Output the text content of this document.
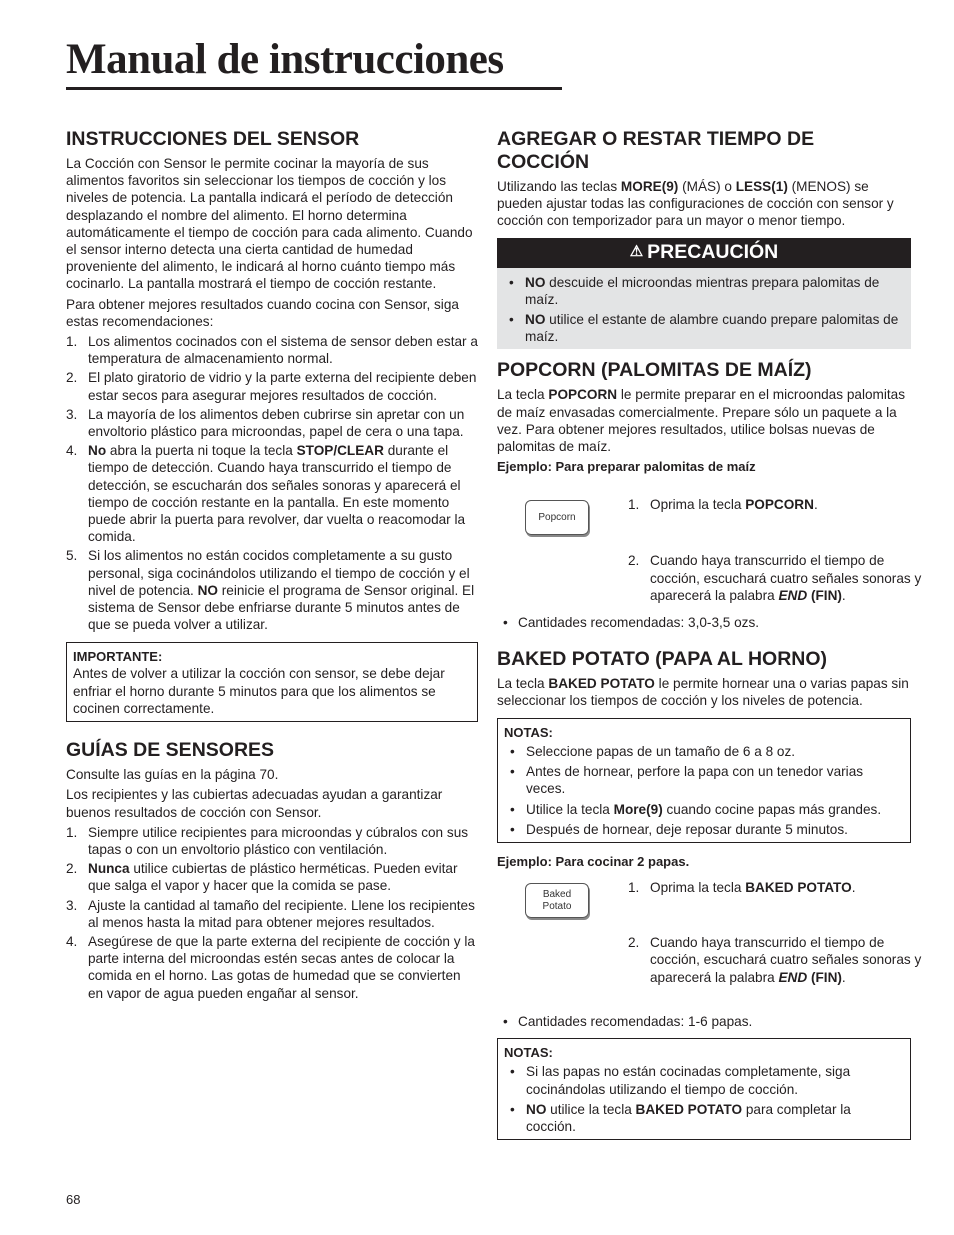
Manual de instrucciones
INSTRUCCIONES DEL SENSOR

La Cocción con Sensor le permite cocinar la mayoría de sus alimentos favoritos sin seleccionar los tiempos de cocción y los niveles de potencia. La pantalla indicará el período de detección desplazando el nombre del alimento. El horno determina automáticamente el tiempo de cocción para cada alimento. Cuando el sensor interno detecta una cierta cantidad de humedad proveniente del alimento, le indicará al horno cuánto tiempo más cocinarlo. La pantalla mostrará el tiempo de cocción restante.

Para obtener mejores resultados cuando cocina con Sensor, siga estas recomendaciones:

1. Los alimentos cocinados con el sistema de sensor deben estar a temperatura de almacenamiento normal.
2. El plato giratorio de vidrio y la parte externa del recipiente deben estar secos para asegurar mejores resultados de cocción.
3. La mayoría de los alimentos deben cubrirse sin apretar con un envoltorio plástico para microondas, papel de cera o una tapa.
4. No abra la puerta ni toque la tecla STOP/CLEAR durante el tiempo de detección. Cuando haya transcurrido el tiempo de detección, se escucharán dos señales sonoras y aparecerá el tiempo de cocción restante en la pantalla. En este momento puede abrir la puerta para revolver, dar vuelta o reacomodar la comida.
5. Si los alimentos no están cocidos completamente a su gusto personal, siga cocinándolos utilizando el tiempo de cocción y el nivel de potencia. NO reinicie el programa de Sensor original. El sistema de Sensor debe enfriarse durante 5 minutos antes de que se pueda volver a utilizar.
IMPORTANTE:

Antes de volver a utilizar la cocción con sensor, se debe dejar enfriar el horno durante 5 minutos para que los alimentos se cocinen correctamente.

GUÍAS DE SENSORES

Consulte las guías en la página 70.

Los recipientes y las cubiertas adecuadas ayudan a garantizar buenos resultados de cocción con Sensor.

1. Siempre utilice recipientes para microondas y cúbralos con sus tapas o con un envoltorio plástico con ventilación.
2. Nunca utilice cubiertas de plástico herméticas. Pueden evitar que salga el vapor y hacer que la comida se pase.
3. Ajuste la cantidad al tamaño del recipiente. Llene los recipientes al menos hasta la mitad para obtener mejores resultados.
4. Asegúrese de que la parte externa del recipiente de cocción y la parte interna del microondas estén secas antes de colocar la comida en el horno. Las gotas de humedad que se convierten en vapor de agua pueden engañar al sensor.
AGREGAR O RESTAR TIEMPO DE COCCIÓN

Utilizando las teclas MORE(9) (MÁS) o LESS(1) (MENOS) se pueden ajustar todas las configuraciones de cocción con sensor y cocción con temporizador para un mayor o menor tiempo.

⚠ PRECAUCIÓN
• NO descuide el microondas mientras prepara palomitas de maíz.
• NO utilice el estante de alambre cuando prepare palomitas de maíz.
POPCORN (PALOMITAS DE MAÍZ)

La tecla POPCORN le permite preparar en el microondas palomitas de maíz envasadas comercialmente. Prepare sólo un paquete a la vez. Para obtener mejores resultados, utilice bolsas nuevas de palomitas de maíz.

Ejemplo: Para preparar palomitas de maíz

Popcorn
1. Oprima la tecla POPCORN.
2. Cuando haya transcurrido el tiempo de cocción, escuchará cuatro señales sonoras y aparecerá la palabra END (FIN).
• Cantidades recomendadas: 3,0-3,5 ozs.
BAKED POTATO (PAPA AL HORNO)

La tecla BAKED POTATO le permite hornear una o varias papas sin seleccionar los tiempos de cocción y los niveles de potencia.

NOTAS:
• Seleccione papas de un tamaño de 6 a 8 oz.
• Antes de hornear, perfore la papa con un tenedor varias veces.
• Utilice la tecla More(9) cuando cocine papas más grandes.
• Después de hornear, deje reposar durante 5 minutos.

Ejemplo: Para cocinar 2 papas.

Baked
Potato
1. Oprima la tecla BAKED POTATO.
2. Cuando haya transcurrido el tiempo de cocción, escuchará cuatro señales sonoras y aparecerá la palabra END (FIN).
• Cantidades recomendadas: 1-6 papas.
NOTAS:
• Si las papas no están cocinadas completamente, siga cocinándolas utilizando el tiempo de cocción.
• NO utilice la tecla BAKED POTATO para completar la cocción.
68
